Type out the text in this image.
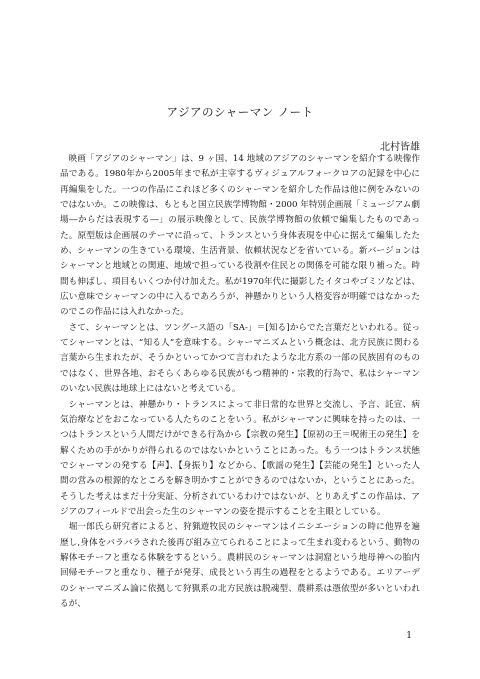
アジアのシャーマン ノート
北村皆雄

映画「アジアのシャーマン」は、9 ヶ国、14 地域のアジアのシャーマンを紹介する映像作品である。1980年から2005年まで私が主宰するヴィジュアルフォークロアの記録を中心に再編集をした。一つの作品にこれほど多くのシャーマンを紹介した作品は他に例をみないのではないか。この映像は、もともと国立民族学博物館・2000 年特別企画展「ミュージアム劇場―からだは表現する―」の展示映像として、民族学博物館の依頼で編集したものであった。原型版は企画展のテーマに沿って、トランスという身体表現を中心に据えて編集したため、シャーマンの生きている環境、生活背景、依頼状況などを省いている。新バージョンはシャーマンと地域との関連、地域で担っている役割や住民との関係を可能な限り補った。時間も伸ばし、項目もいくつか付け加えた。私が1970年代に撮影したイタコやゴミソなどは、広い意味でシャーマンの中に入るであろうが、神懸かりという人格変容が明確ではなかったのでこの作品には入れなかった。

さて、シャーマンとは、ツングース語の「SA-」＝[知る]からでた言葉だといわれる。従ってシャーマンとは、“知る人”を意味する。シャーマニズムという概念は、北方民族に関わる言葉から生まれたが、そうかといってかつて言われたような北方系の一部の民族固有のものではなく、世界各地、おそらくあらゆる民族がもつ精神的・宗教的行為で、私はシャーマンのいない民族は地球上にはないと考えている。

シャーマンとは、神懸かり・トランスによって非日常的な世界と交流し、予言、託宣、病気治療などをおこなっている人たちのことをいう。私がシャーマンに興味を持ったのは、一つはトランスという人間だけができる行為から【宗教の発生】【原初の王＝呪術王の発生】を解くための手がかりが得られるのではないかということにあった。もう一つはトランス状態でシャーマンの発する【声】、【身振り】などから、【歌謡の発生】【芸能の発生】といった人間の営みの根源的なところを解き明かすことができるのではないか、ということにあった。そうした考えはまだ十分実証、分析されているわけではないが、とりあえずこの作品は、アジアのフィールドで出会った生のシャーマンの姿を提示することを主眼としている。

堀一郎氏ら研究者によると、狩猟遊牧民のシャーマンはイニシエーションの時に他界を遍歴し,身体をバラバラされた後再び組み立てられることによって生まれ変わるという、動物の解体モチーフと重なる体験をするという。農耕民のシャーマンは洞窟という地母神への胎内回帰モチーフと重なり、種子が発芽、成長という再生の過程をとるようである。エリアーデのシャーマニズム論に依拠して狩猟系の北方民族は脱魂型、農耕系は憑依型が多いといわれるが、

1
